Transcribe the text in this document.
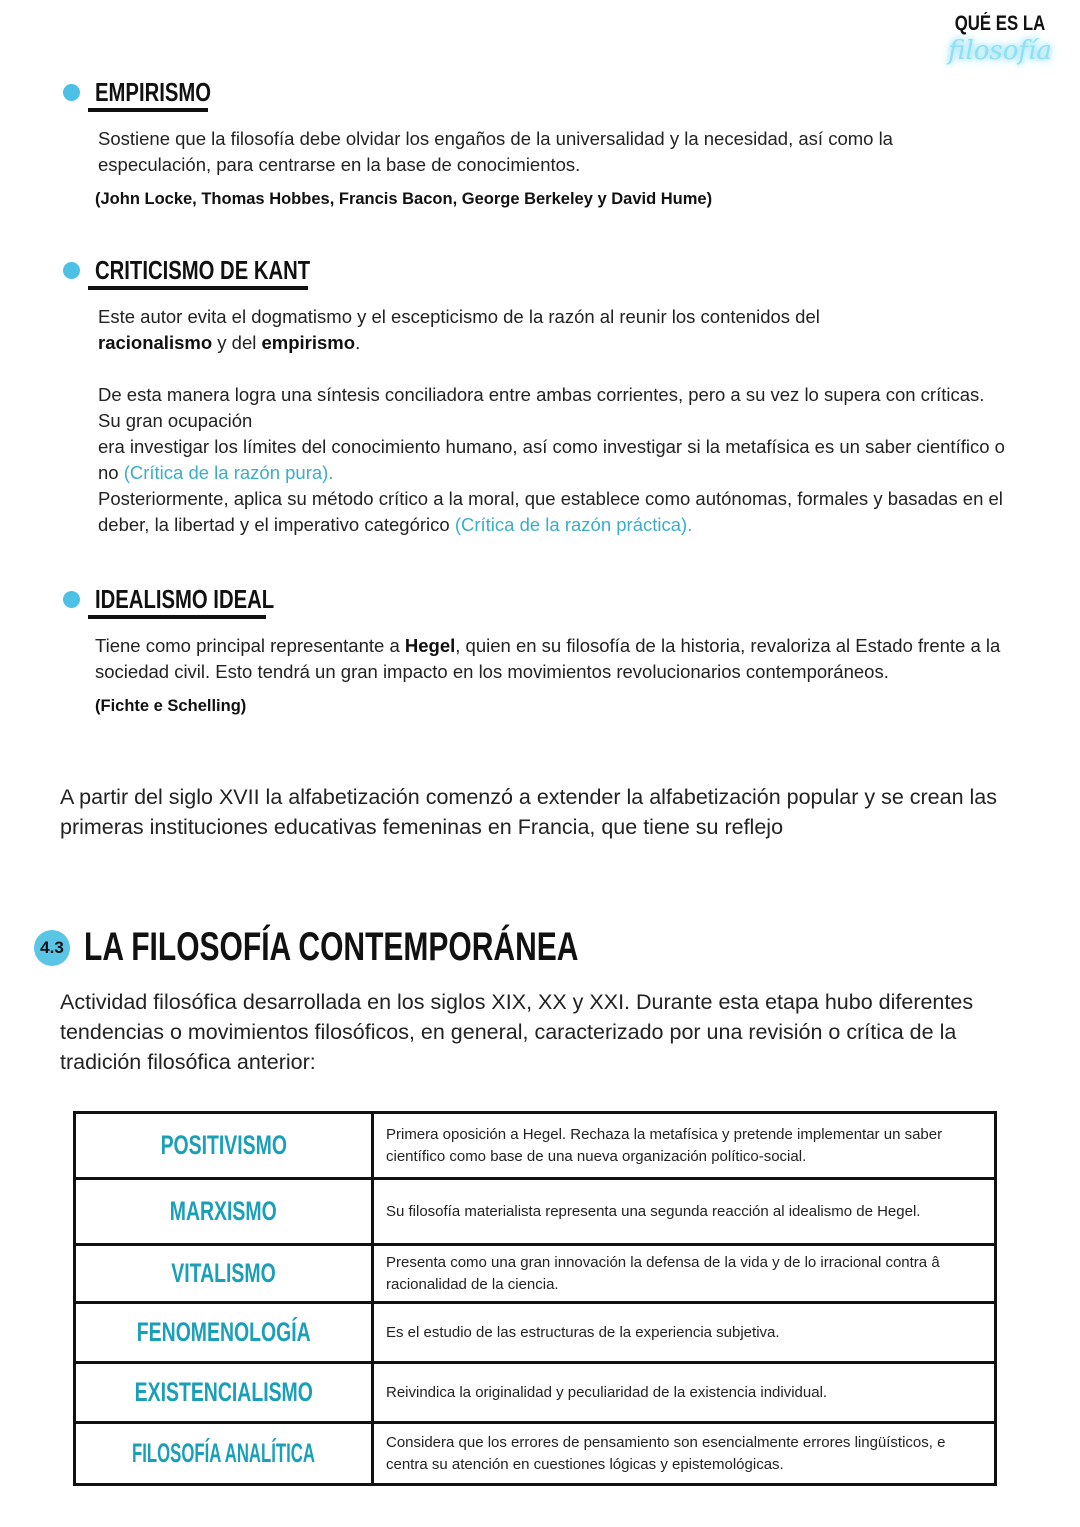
QUÉ ES LA
filosofía
EMPIRISMO
Sostiene que la filosofía debe olvidar los engaños de la universalidad y la necesidad, así como la especulación, para centrarse en la base de conocimientos.
(John Locke, Thomas Hobbes, Francis Bacon, George Berkeley y David Hume)
CRITICISMO DE KANT
Este autor evita el dogmatismo y el escepticismo de la razón al reunir los contenidos del
racionalismo y del empirismo.
De esta manera logra una síntesis conciliadora entre ambas corrientes, pero a su vez lo supera con críticas. Su gran ocupación
era investigar los límites del conocimiento humano, así como investigar si la metafísica es un saber científico o no (Crítica de la razón pura).
Posteriormente, aplica su método crítico a la moral, que establece como autónomas, formales y basadas en el deber, la libertad y el imperativo categórico (Crítica de la razón práctica).
IDEALISMO IDEAL
Tiene como principal representante a Hegel, quien en su filosofía de la historia, revaloriza al Estado frente a la sociedad civil. Esto tendrá un gran impacto en los movimientos revolucionarios contemporáneos.
(Fichte e Schelling)
A partir del siglo XVII la alfabetización comenzó a extender la alfabetización popular y se crean las primeras instituciones educativas femeninas en Francia, que tiene su reflejo
4.3 LA FILOSOFÍA CONTEMPORÁNEA
Actividad filosófica desarrollada en los siglos XIX, XX y XXI. Durante esta etapa hubo diferentes tendencias o movimientos filosóficos, en general, caracterizado por una revisión o crítica de la tradición filosófica anterior:
POSITIVISMO	Primera oposición a Hegel. Rechaza la metafísica y pretende implementar un saber científico como base de una nueva organización político-social.
MARXISMO	Su filosofía materialista representa una segunda reacción al idealismo de Hegel.
VITALISMO	Presenta como una gran innovación la defensa de la vida y de lo irracional contra â racionalidad de la ciencia.
FENOMENOLOGÍA	Es el estudio de las estructuras de la experiencia subjetiva.
EXISTENCIALISMO	Reivindica la originalidad y peculiaridad de la existencia individual.
FILOSOFÍA ANALÍTICA	Considera que los errores de pensamiento son esencialmente errores lingüísticos, e centra su atención en cuestiones lógicas y epistemológicas.
